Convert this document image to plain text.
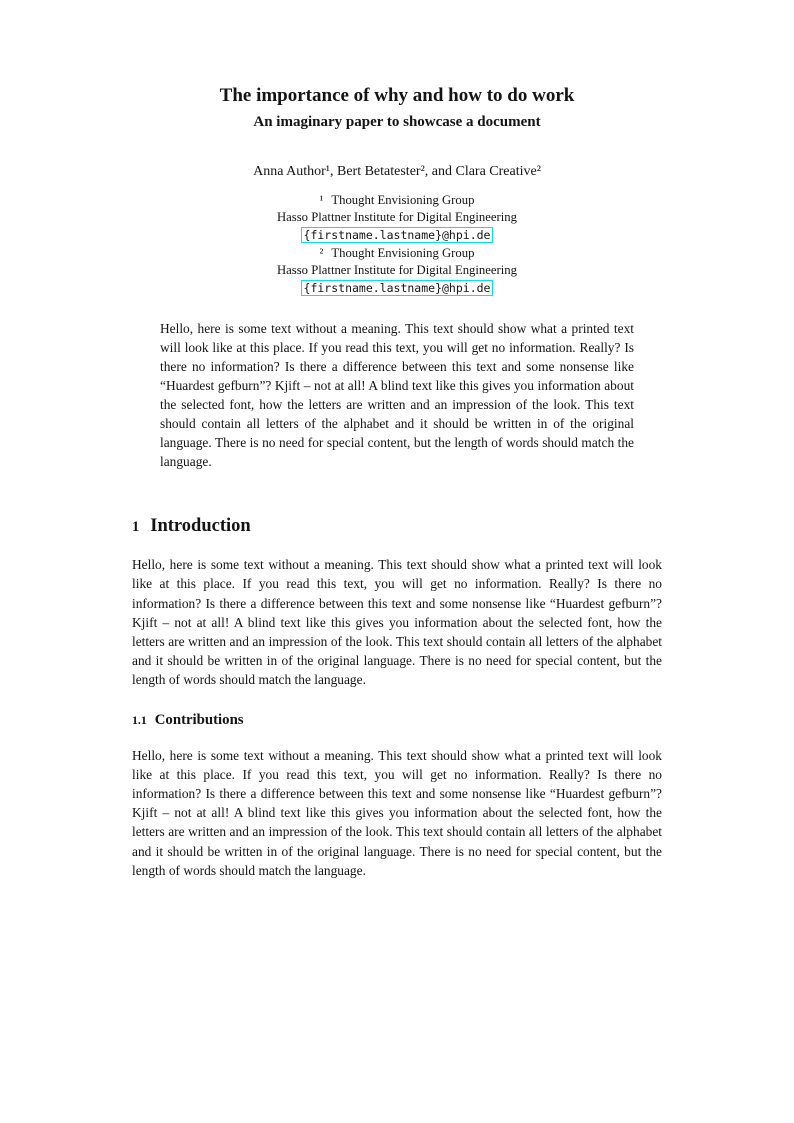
The importance of why and how to do work
An imaginary paper to showcase a document
Anna Author¹, Bert Betatester², and Clara Creative²
¹ Thought Envisioning Group
Hasso Plattner Institute for Digital Engineering
{firstname.lastname}@hpi.de
² Thought Envisioning Group
Hasso Plattner Institute for Digital Engineering
{firstname.lastname}@hpi.de

Hello, here is some text without a meaning. This text should show what a printed text will look like at this place. If you read this text, you will get no information. Really? Is there no information? Is there a difference between this text and some nonsense like “Huardest gefburn”? Kjift – not at all! A blind text like this gives you information about the selected font, how the letters are written and an impression of the look. This text should contain all letters of the alphabet and it should be written in of the original language. There is no need for special content, but the length of words should match the language.

1 Introduction

Hello, here is some text without a meaning. This text should show what a printed text will look like at this place. If you read this text, you will get no information. Really? Is there no information? Is there a difference between this text and some nonsense like “Huardest gefburn”? Kjift – not at all! A blind text like this gives you information about the selected font, how the letters are written and an impression of the look. This text should contain all letters of the alphabet and it should be written in of the original language. There is no need for special content, but the length of words should match the language.

1.1 Contributions

Hello, here is some text without a meaning. This text should show what a printed text will look like at this place. If you read this text, you will get no information. Really? Is there no information? Is there a difference between this text and some nonsense like “Huardest gefburn”? Kjift – not at all! A blind text like this gives you information about the selected font, how the letters are written and an impression of the look. This text should contain all letters of the alphabet and it should be written in of the original language. There is no need for special content, but the length of words should match the language.
